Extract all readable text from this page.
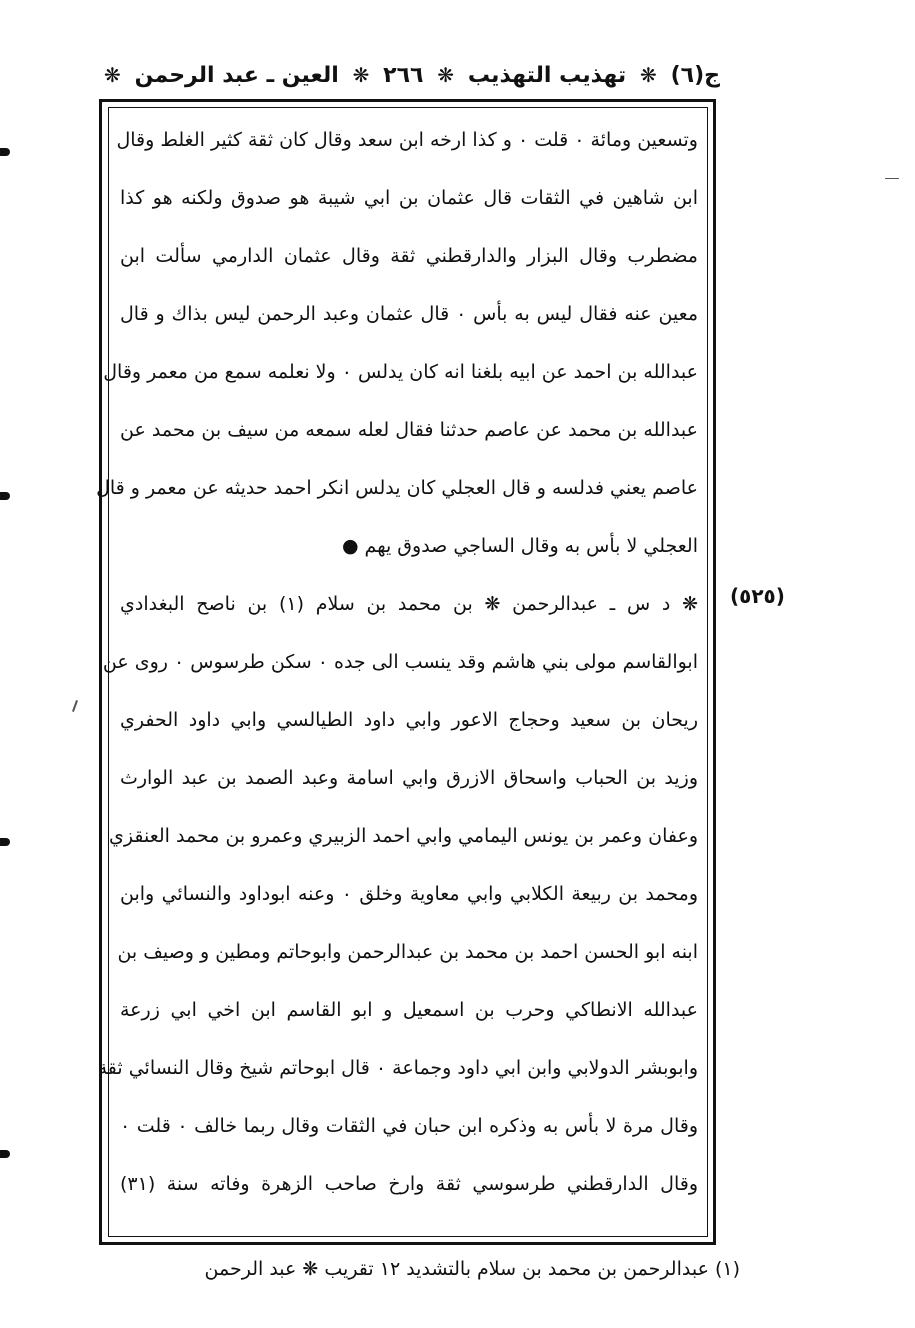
ج(٦)
❋
تهذيب التهذيب
❋
٢٦٦
❋
العين ـ عبد الرحمن
❋
وتسعين ومائة ٠ قلت ٠ و كذا ارخه ابن سعد وقال كان ثقة كثير الغلط وقال
ابن شاهين في الثقات قال عثمان بن ابي شيبة هو صدوق ولكنه هو كذا
مضطرب وقال البزار والدارقطني ثقة وقال عثمان الدارمي سألت ابن
معين عنه فقال ليس به بأس ٠ قال عثمان وعبد الرحمن ليس بذاك و قال
عبدالله بن احمد عن ابيه بلغنا انه كان يدلس ٠ ولا نعلمه سمع من معمر وقال
عبدالله بن محمد عن عاصم حدثنا فقال لعله سمعه من سيف بن محمد عن
عاصم يعني فدلسه و قال العجلي كان يدلس انكر احمد حديثه عن معمر و قال
العجلي لا بأس به وقال الساجي صدوق يهم ●
❋ د س ـ عبدالرحمن ❋ بن محمد بن سلام (١) بن ناصح البغدادي
ابوالقاسم مولى بني هاشم وقد ينسب الى جده ٠ سكن طرسوس ٠ روى عن
ريحان بن سعيد وحجاج الاعور وابي داود الطيالسي وابي داود الحفري
وزيد بن الحباب واسحاق الازرق وابي اسامة وعبد الصمد بن عبد الوارث
وعفان وعمر بن يونس اليمامي وابي احمد الزبيري وعمرو بن محمد العنقزي
ومحمد بن ربيعة الكلابي وابي معاوية وخلق ٠ وعنه ابوداود والنسائي وابن
ابنه ابو الحسن احمد بن محمد بن عبدالرحمن وابوحاتم ومطين و وصيف بن
عبدالله الانطاكي وحرب بن اسمعيل و ابو القاسم ابن اخي ابي زرعة
وابوبشر الدولابي وابن ابي داود وجماعة ٠ قال ابوحاتم شيخ وقال النسائي ثقة
وقال مرة لا بأس به وذكره ابن حبان في الثقات وقال ربما خالف ٠ قلت ٠
وقال الدارقطني طرسوسي ثقة وارخ صاحب الزهرة وفاته سنة (٣١)
(٥٢٥)
(١) عبدالرحمن بن محمد بن سلام بالتشديد ١٢ تقريب ❋ عبد الرحمن
